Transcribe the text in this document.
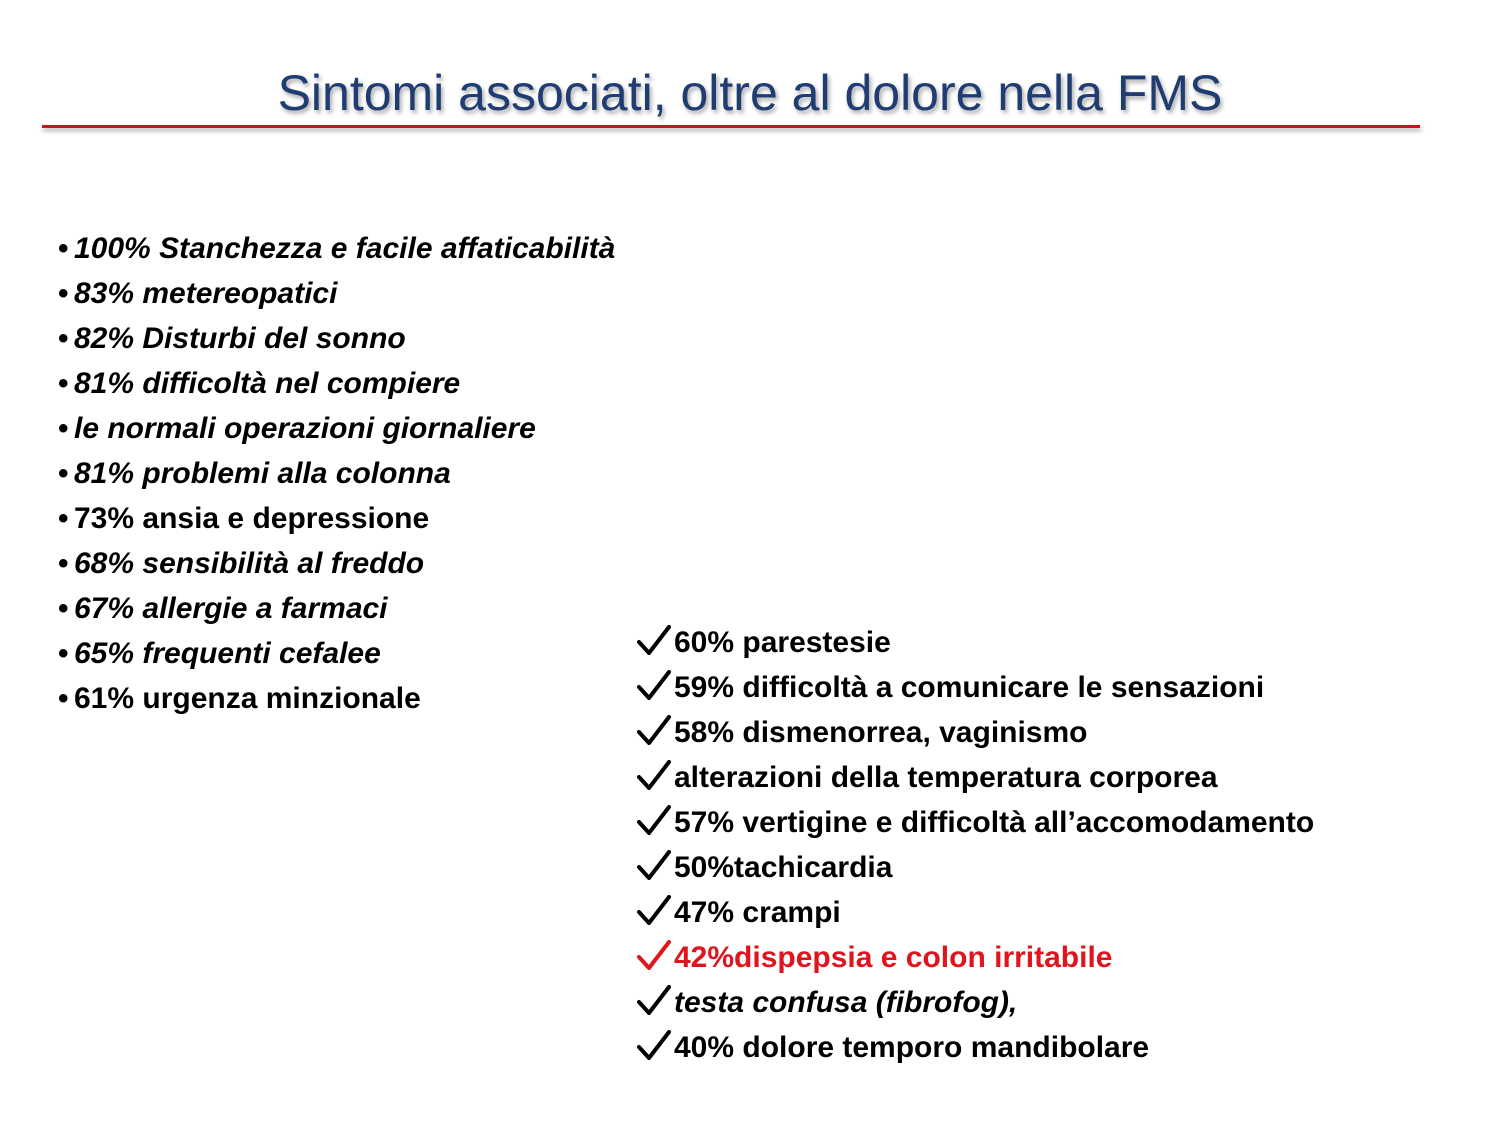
Sintomi associati, oltre al dolore nella FMS
• 100% Stanchezza e facile affaticabilità
• 83% metereopatici
• 82% Disturbi del sonno
• 81% difficoltà nel compiere
• le normali operazioni giornaliere
• 81% problemi alla colonna
• 73% ansia e depressione
• 68% sensibilità al freddo
• 67% allergie a farmaci
• 65% frequenti cefalee
• 61% urgenza minzionale
60% parestesie
59% difficoltà a comunicare le sensazioni
58% dismenorrea, vaginismo
alterazioni della temperatura corporea
57% vertigine e difficoltà all’accomodamento
50%tachicardia
47% crampi
42%dispepsia e colon irritabile
testa confusa (fibrofog),
40% dolore temporo mandibolare
